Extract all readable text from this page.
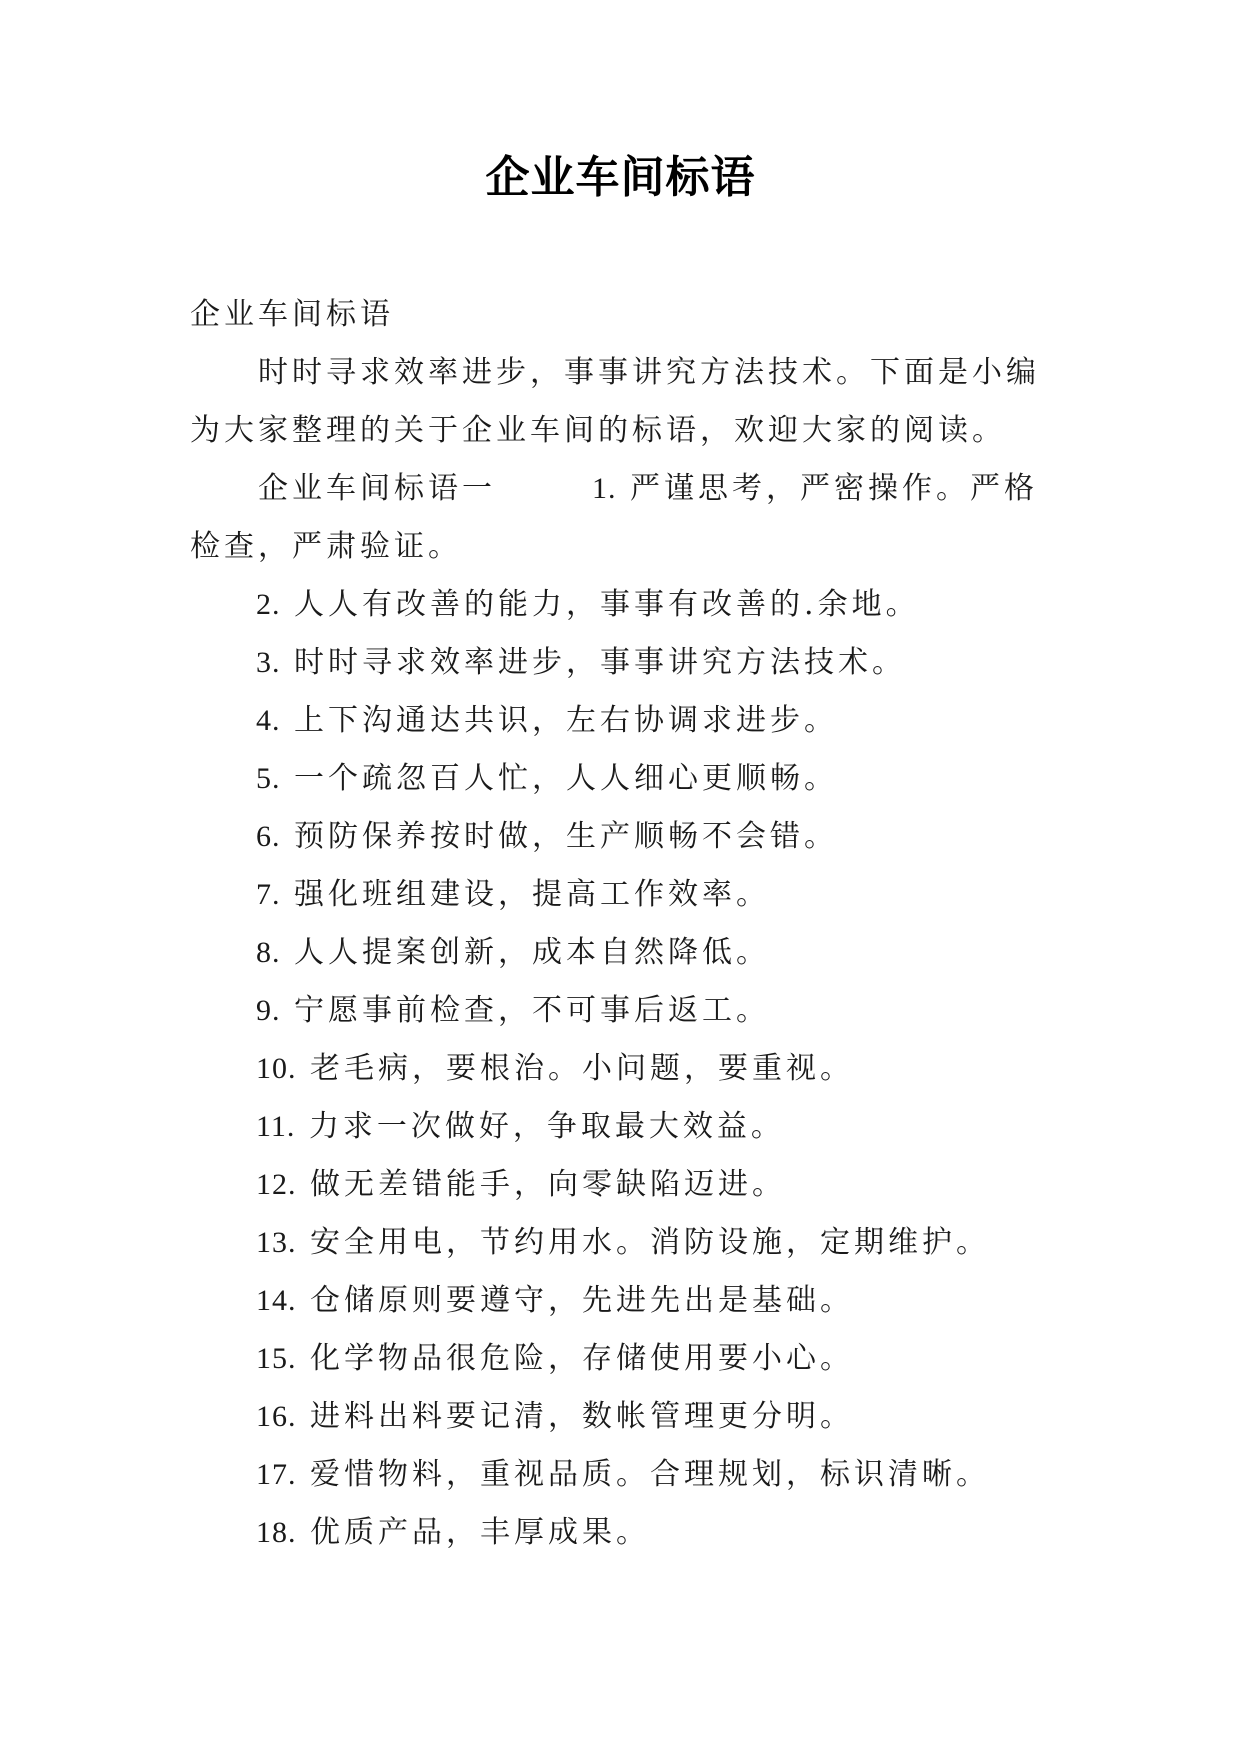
企业车间标语

企业车间标语

时时寻求效率进步，事事讲究方法技术。下面是小编为大家整理的关于企业车间的标语，欢迎大家的阅读。

企业车间标语一	1. 严谨思考，严密操作。严格检查，严肃验证。

2. 人人有改善的能力，事事有改善的.余地。

3. 时时寻求效率进步，事事讲究方法技术。

4. 上下沟通达共识，左右协调求进步。

5. 一个疏忽百人忙，人人细心更顺畅。

6. 预防保养按时做，生产顺畅不会错。

7. 强化班组建设，提高工作效率。

8. 人人提案创新，成本自然降低。

9. 宁愿事前检查，不可事后返工。

10. 老毛病，要根治。小问题，要重视。

11. 力求一次做好，争取最大效益。

12. 做无差错能手，向零缺陷迈进。

13. 安全用电，节约用水。消防设施，定期维护。

14. 仓储原则要遵守，先进先出是基础。

15. 化学物品很危险，存储使用要小心。

16. 进料出料要记清，数帐管理更分明。

17. 爱惜物料，重视品质。合理规划，标识清晰。

18. 优质产品，丰厚成果。
